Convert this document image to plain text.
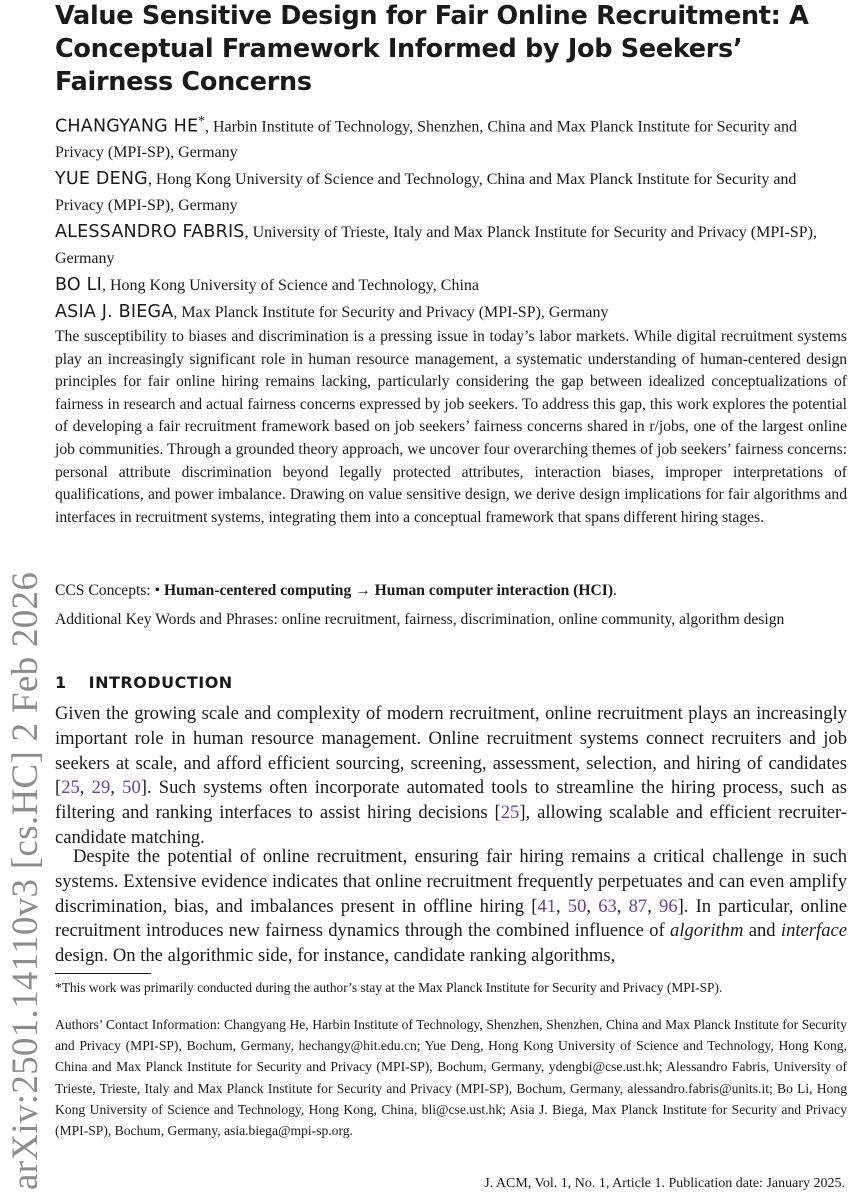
arXiv:2501.14110v3 [cs.HC] 2 Feb 2026
Value Sensitive Design for Fair Online Recruitment: A Conceptual Framework Informed by Job Seekers’ Fairness Concerns

CHANGYANG HE*, Harbin Institute of Technology, Shenzhen, China and Max Planck Institute for Security and Privacy (MPI-SP), Germany

YUE DENG, Hong Kong University of Science and Technology, China and Max Planck Institute for Security and Privacy (MPI-SP), Germany

ALESSANDRO FABRIS, University of Trieste, Italy and Max Planck Institute for Security and Privacy (MPI-SP), Germany

BO LI, Hong Kong University of Science and Technology, China

ASIA J. BIEGA, Max Planck Institute for Security and Privacy (MPI-SP), Germany

The susceptibility to biases and discrimination is a pressing issue in today’s labor markets. While digital recruitment systems play an increasingly significant role in human resource management, a systematic understanding of human-centered design principles for fair online hiring remains lacking, particularly considering the gap between idealized conceptualizations of fairness in research and actual fairness concerns expressed by job seekers. To address this gap, this work explores the potential of developing a fair recruitment framework based on job seekers’ fairness concerns shared in r/jobs, one of the largest online job communities. Through a grounded theory approach, we uncover four overarching themes of job seekers’ fairness concerns: personal attribute discrimination beyond legally protected attributes, interaction biases, improper interpretations of qualifications, and power imbalance. Drawing on value sensitive design, we derive design implications for fair algorithms and interfaces in recruitment systems, integrating them into a conceptual framework that spans different hiring stages.

CCS Concepts: • Human-centered computing → Human computer interaction (HCI).

Additional Key Words and Phrases: online recruitment, fairness, discrimination, online community, algorithm design

1 INTRODUCTION

Given the growing scale and complexity of modern recruitment, online recruitment plays an increasingly important role in human resource management. Online recruitment systems connect recruiters and job seekers at scale, and afford efficient sourcing, screening, assessment, selection, and hiring of candidates [25, 29, 50]. Such systems often incorporate automated tools to streamline the hiring process, such as filtering and ranking interfaces to assist hiring decisions [25], allowing scalable and efficient recruiter-candidate matching.

Despite the potential of online recruitment, ensuring fair hiring remains a critical challenge in such systems. Extensive evidence indicates that online recruitment frequently perpetuates and can even amplify discrimination, bias, and imbalances present in offline hiring [41, 50, 63, 87, 96]. In particular, online recruitment introduces new fairness dynamics through the combined influence of algorithm and interface design. On the algorithmic side, for instance, candidate ranking algorithms,

*This work was primarily conducted during the author’s stay at the Max Planck Institute for Security and Privacy (MPI-SP).

Authors’ Contact Information: Changyang He, Harbin Institute of Technology, Shenzhen, Shenzhen, China and Max Planck Institute for Security and Privacy (MPI-SP), Bochum, Germany, hechangy@hit.edu.cn; Yue Deng, Hong Kong University of Science and Technology, Hong Kong, China and Max Planck Institute for Security and Privacy (MPI-SP), Bochum, Germany, ydengbi@cse.ust.hk; Alessandro Fabris, University of Trieste, Trieste, Italy and Max Planck Institute for Security and Privacy (MPI-SP), Bochum, Germany, alessandro.fabris@units.it; Bo Li, Hong Kong University of Science and Technology, Hong Kong, China, bli@cse.ust.hk; Asia J. Biega, Max Planck Institute for Security and Privacy (MPI-SP), Bochum, Germany, asia.biega@mpi-sp.org.

J. ACM, Vol. 1, No. 1, Article 1. Publication date: January 2025.
